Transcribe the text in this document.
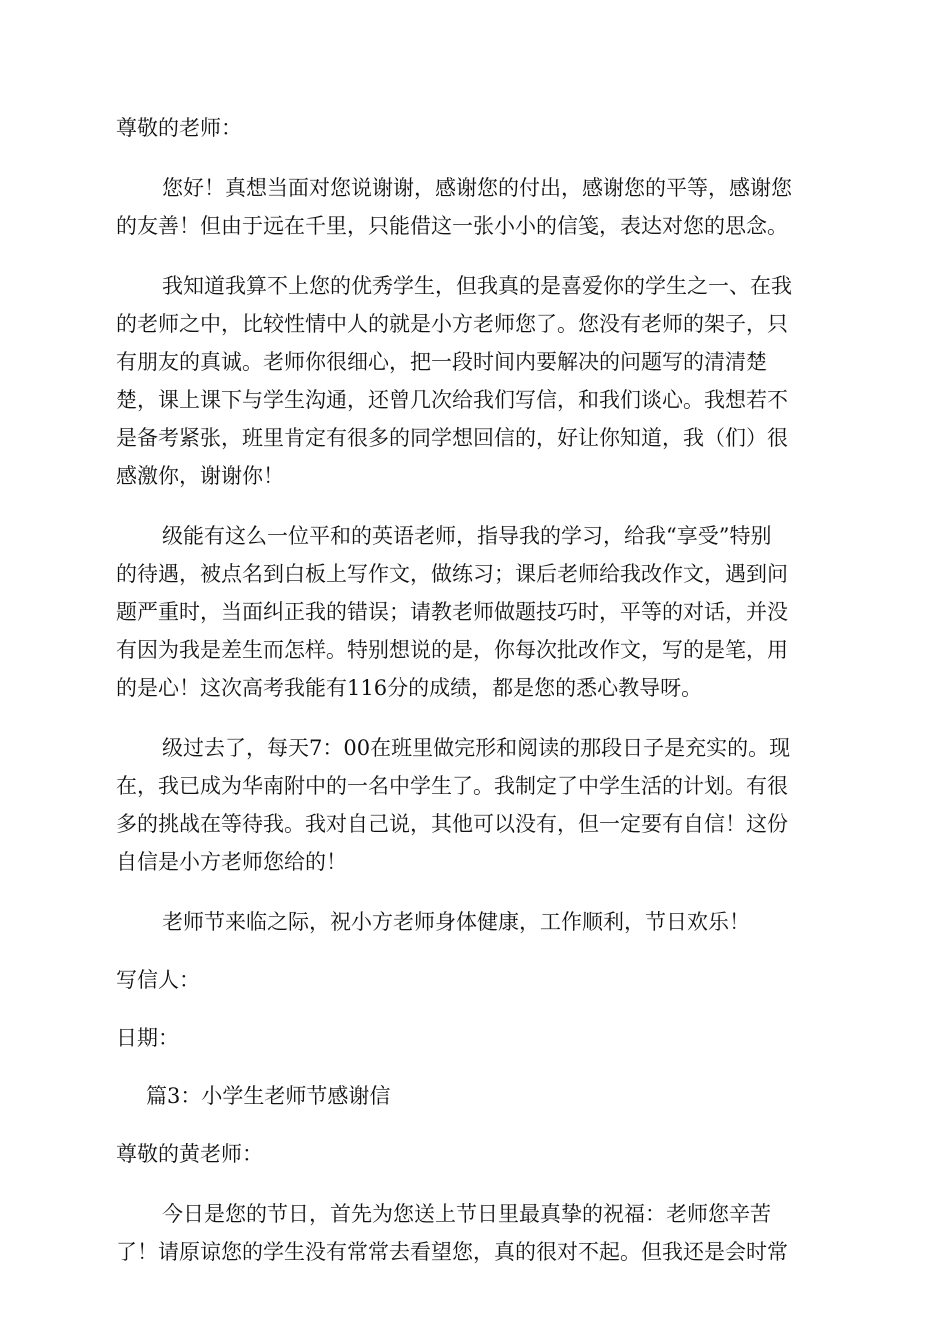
尊敬的老师：
您好！真想当面对您说谢谢，感谢您的付出，感谢您的平等，感谢您
的友善！但由于远在千里，只能借这一张小小的信笺，表达对您的思念。
我知道我算不上您的优秀学生，但我真的是喜爱你的学生之一、在我
的老师之中，比较性情中人的就是小方老师您了。您没有老师的架子，只
有朋友的真诚。老师你很细心，把一段时间内要解决的问题写的清清楚
楚，课上课下与学生沟通，还曾几次给我们写信，和我们谈心。我想若不
是备考紧张，班里肯定有很多的同学想回信的，好让你知道，我（们）很
感激你，谢谢你！
级能有这么一位平和的英语老师，指导我的学习，给我“享受”特别
的待遇，被点名到白板上写作文，做练习；课后老师给我改作文，遇到问
题严重时，当面纠正我的错误；请教老师做题技巧时，平等的对话，并没
有因为我是差生而怎样。特别想说的是，你每次批改作文，写的是笔，用
的是心！这次高考我能有116分的成绩，都是您的悉心教导呀。
级过去了，每天7：00在班里做完形和阅读的那段日子是充实的。现
在，我已成为华南附中的一名中学生了。我制定了中学生活的计划。有很
多的挑战在等待我。我对自己说，其他可以没有，但一定要有自信！这份
自信是小方老师您给的！
老师节来临之际，祝小方老师身体健康，工作顺利，节日欢乐！
写信人：
日期：
篇3：小学生老师节感谢信
尊敬的黄老师：
今日是您的节日，首先为您送上节日里最真挚的祝福：老师您辛苦
了！请原谅您的学生没有常常去看望您，真的很对不起。但我还是会时常
